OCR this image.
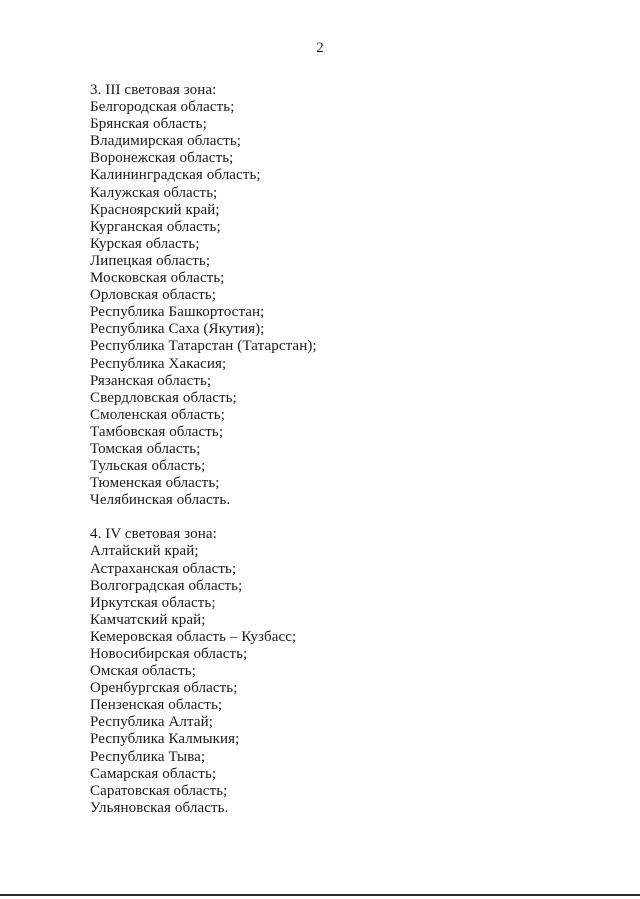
2
3. III световая зона:
Белгородская область;
Брянская область;
Владимирская область;
Воронежская область;
Калининградская область;
Калужская область;
Красноярский край;
Курганская область;
Курская область;
Липецкая область;
Московская область;
Орловская область;
Республика Башкортостан;
Республика Саха (Якутия);
Республика Татарстан (Татарстан);
Республика Хакасия;
Рязанская область;
Свердловская область;
Смоленская область;
Тамбовская область;
Томская область;
Тульская область;
Тюменская область;
Челябинская область.
4. IV световая зона:
Алтайский край;
Астраханская область;
Волгоградская область;
Иркутская область;
Камчатский край;
Кемеровская область – Кузбасс;
Новосибирская область;
Омская область;
Оренбургская область;
Пензенская область;
Республика Алтай;
Республика Калмыкия;
Республика Тыва;
Самарская область;
Саратовская область;
Ульяновская область.
